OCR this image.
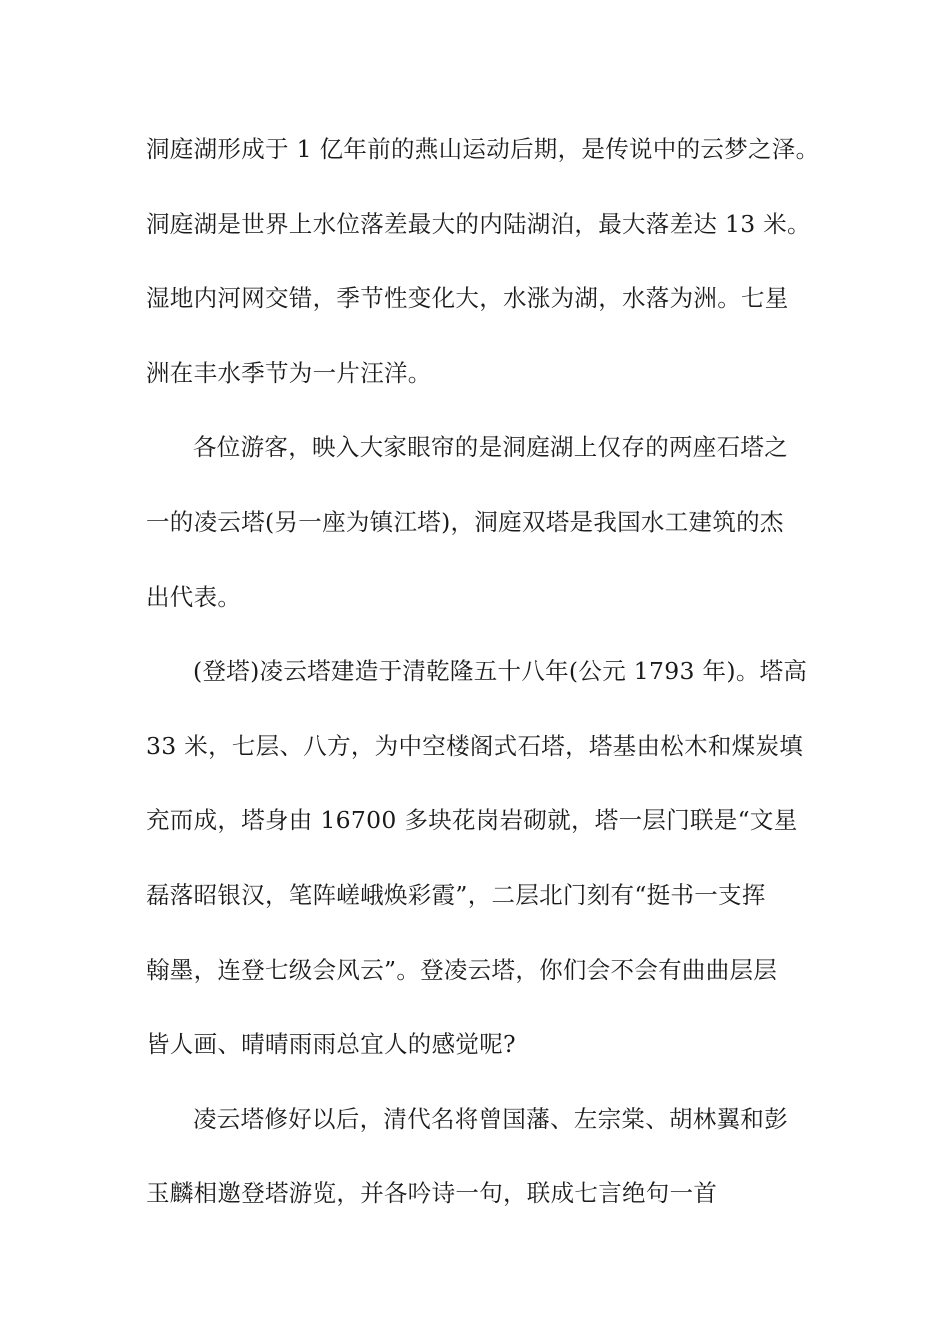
洞庭湖形成于 1 亿年前的燕山运动后期，是传说中的云梦之泽。

洞庭湖是世界上水位落差最大的内陆湖泊，最大落差达 13 米。

湿地内河网交错，季节性变化大，水涨为湖，水落为洲。七星

洲在丰水季节为一片汪洋。

各位游客，映入大家眼帘的是洞庭湖上仅存的两座石塔之

一的凌云塔(另一座为镇江塔)，洞庭双塔是我国水工建筑的杰

出代表。

(登塔)凌云塔建造于清乾隆五十八年(公元 1793 年)。塔高

33 米，七层、八方，为中空楼阁式石塔，塔基由松木和煤炭填

充而成，塔身由 16700 多块花岗岩砌就，塔一层门联是“文星

磊落昭银汉，笔阵嵯峨焕彩霞”，二层北门刻有“挺书一支挥

翰墨，连登七级会风云”。登凌云塔，你们会不会有曲曲层层

皆人画、晴晴雨雨总宜人的感觉呢?

凌云塔修好以后，清代名将曾国藩、左宗棠、胡林翼和彭

玉麟相邀登塔游览，并各吟诗一句，联成七言绝句一首
